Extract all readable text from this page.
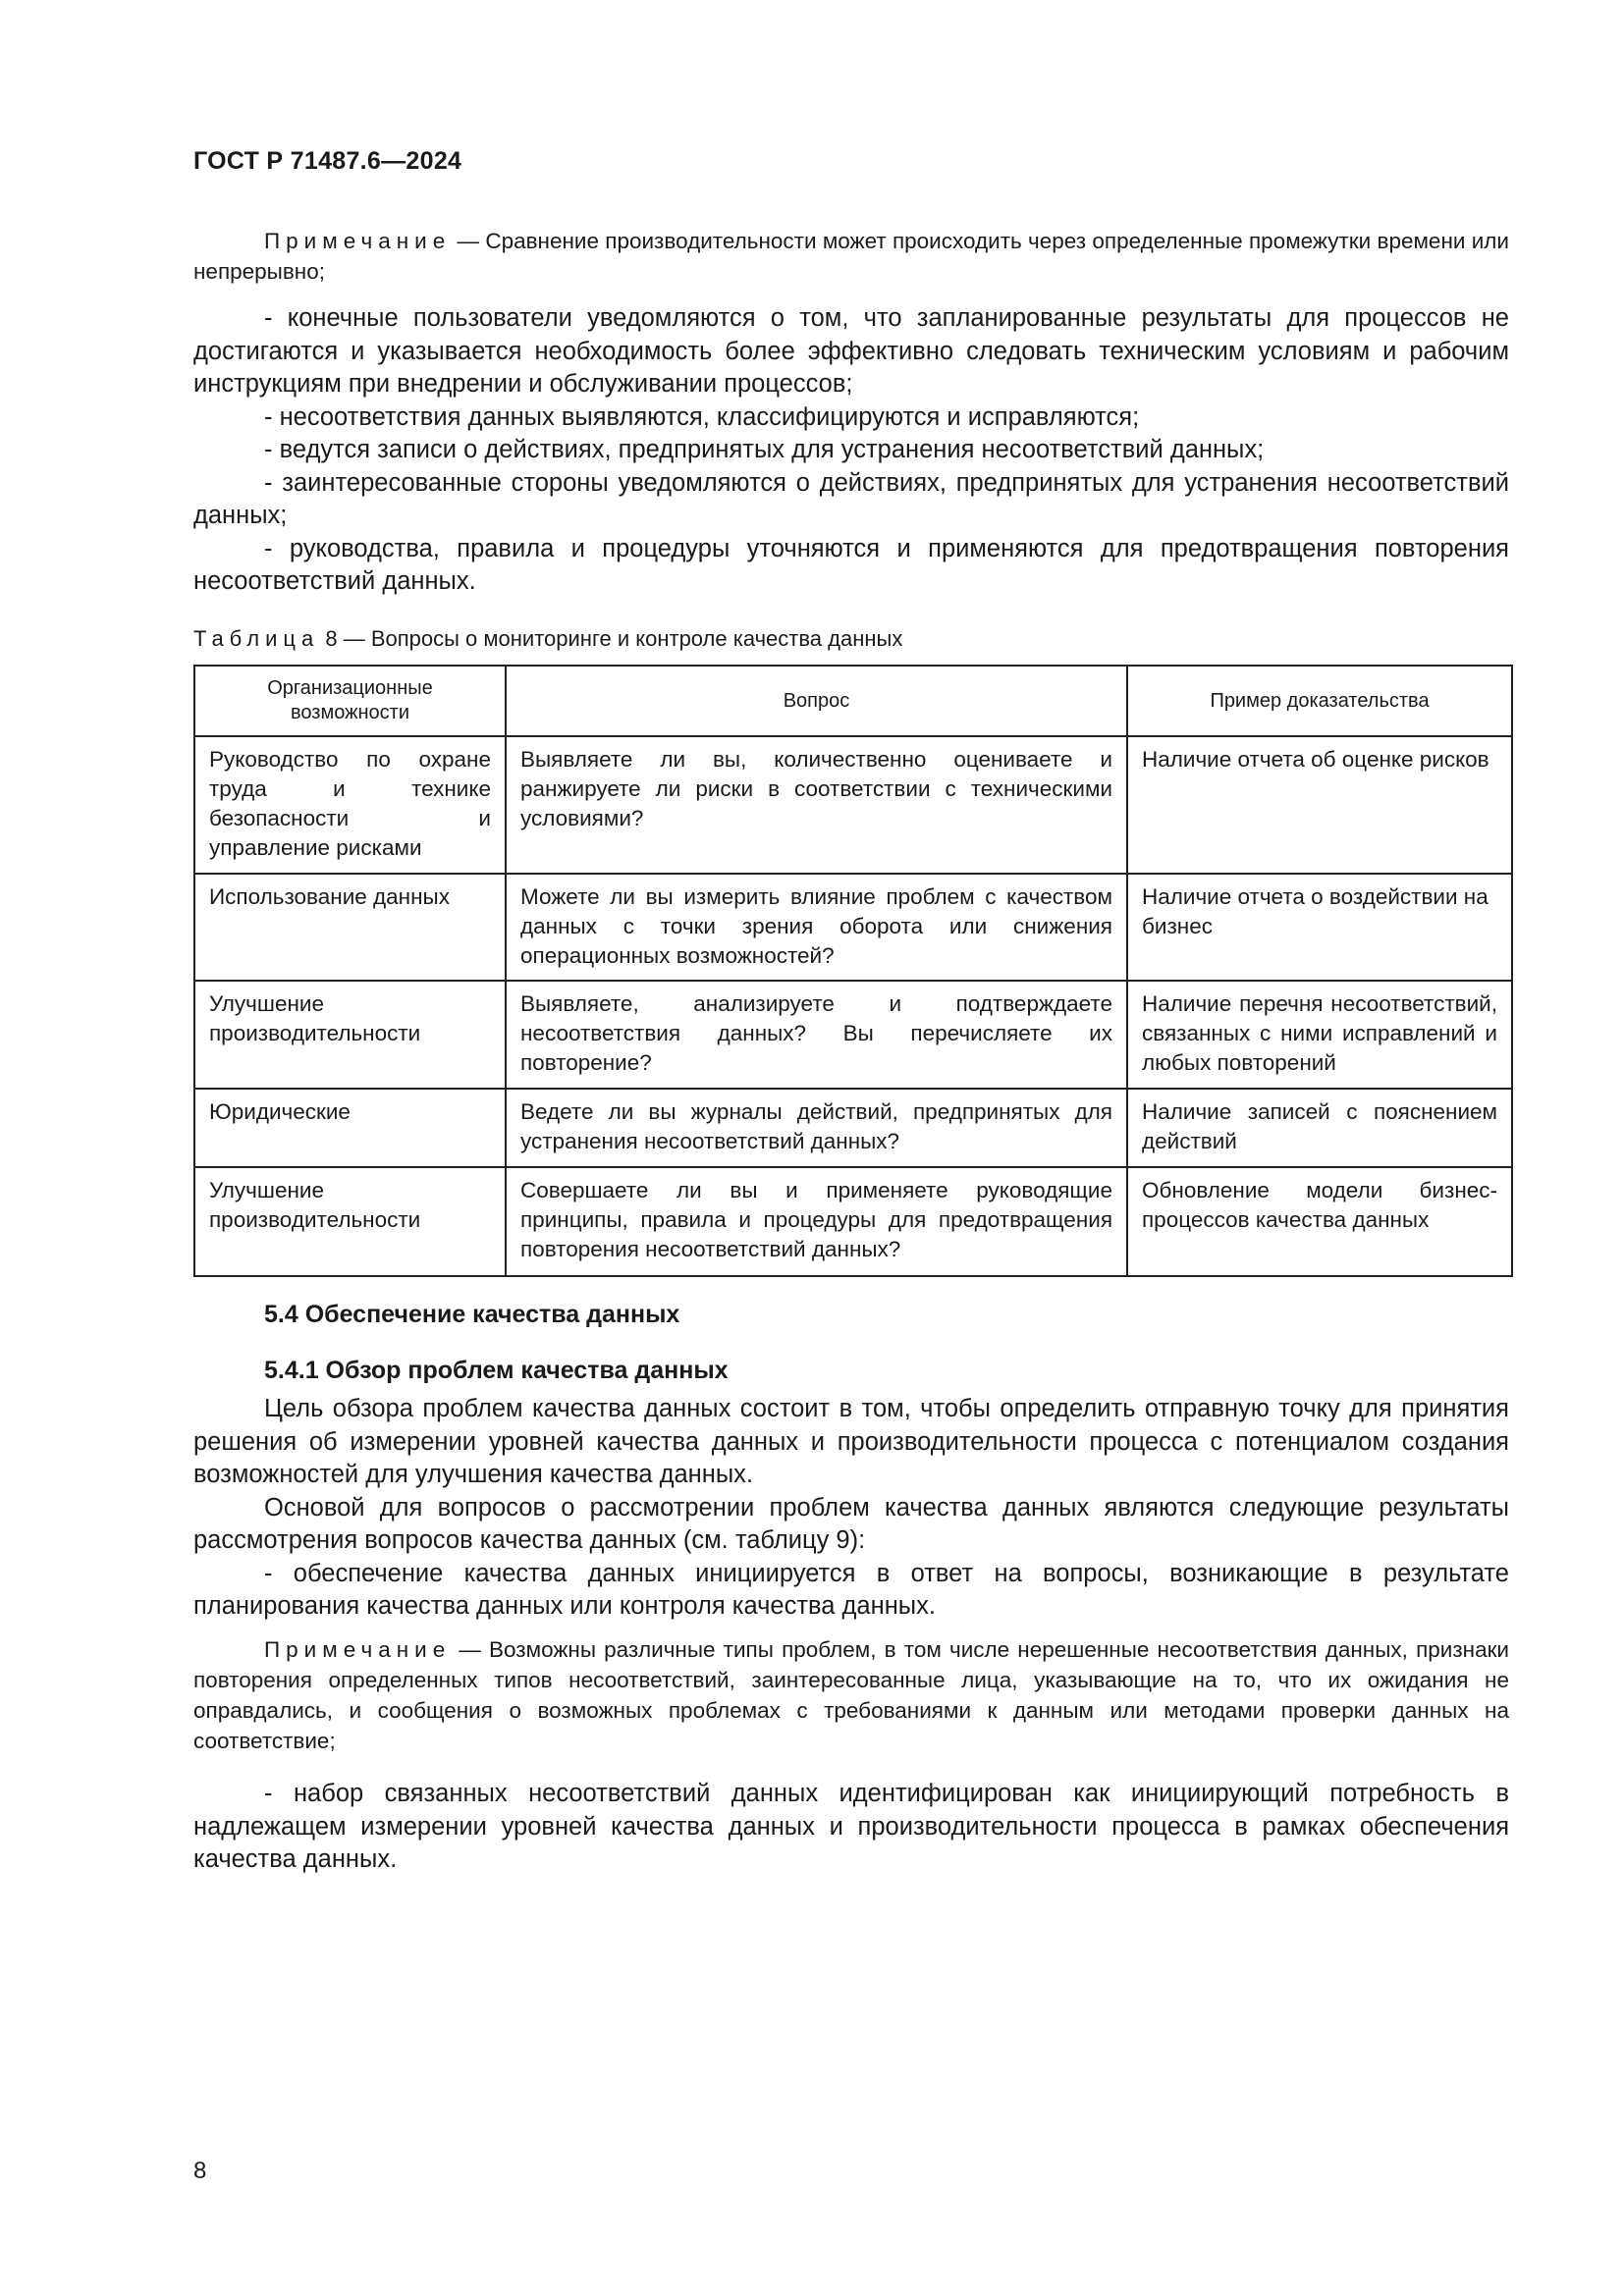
ГОСТ Р 71487.6—2024
Примечание — Сравнение производительности может происходить через определенные промежутки времени или непрерывно;

- конечные пользователи уведомляются о том, что запланированные результаты для процессов не достигаются и указывается необходимость более эффективно следовать техническим условиям и рабочим инструкциям при внедрении и обслуживании процессов;

- несоответствия данных выявляются, классифицируются и исправляются;

- ведутся записи о действиях, предпринятых для устранения несоответствий данных;

- заинтересованные стороны уведомляются о действиях, предпринятых для устранения несоответствий данных;

- руководства, правила и процедуры уточняются и применяются для предотвращения повторения несоответствий данных.

Таблица 8 — Вопросы о мониторинге и контроле качества данных
Организационные возможности	Вопрос	Пример доказательства
Руководство по охране труда и технике безопасности и управление рисками	Выявляете ли вы, количественно оцениваете и ранжируете ли риски в соответствии с техническими условиями?	Наличие отчета об оценке рисков
Использование данных	Можете ли вы измерить влияние проблем с качеством данных с точки зрения оборота или снижения операционных возможностей?	Наличие отчета о воздействии на бизнес
Улучшение производительности	Выявляете, анализируете и подтверждаете несоответствия данных? Вы перечисляете их повторение?	Наличие перечня несоответствий, связанных с ними исправлений и любых повторений
Юридические	Ведете ли вы журналы действий, предпринятых для устранения несоответствий данных?	Наличие записей с пояснением действий
Улучшение производительности	Совершаете ли вы и применяете руководящие принципы, правила и процедуры для предотвращения повторения несоответствий данных?	Обновление модели бизнес-процессов качества данных
5.4 Обеспечение качества данных
5.4.1 Обзор проблем качества данных

Цель обзора проблем качества данных состоит в том, чтобы определить отправную точку для принятия решения об измерении уровней качества данных и производительности процесса с потенциалом создания возможностей для улучшения качества данных.

Основой для вопросов о рассмотрении проблем качества данных являются следующие результаты рассмотрения вопросов качества данных (см. таблицу 9):

- обеспечение качества данных инициируется в ответ на вопросы, возникающие в результате планирования качества данных или контроля качества данных.

Примечание — Возможны различные типы проблем, в том числе нерешенные несоответствия данных, признаки повторения определенных типов несоответствий, заинтересованные лица, указывающие на то, что их ожидания не оправдались, и сообщения о возможных проблемах с требованиями к данным или методами проверки данных на соответствие;

- набор связанных несоответствий данных идентифицирован как инициирующий потребность в надлежащем измерении уровней качества данных и производительности процесса в рамках обеспечения качества данных.

8
